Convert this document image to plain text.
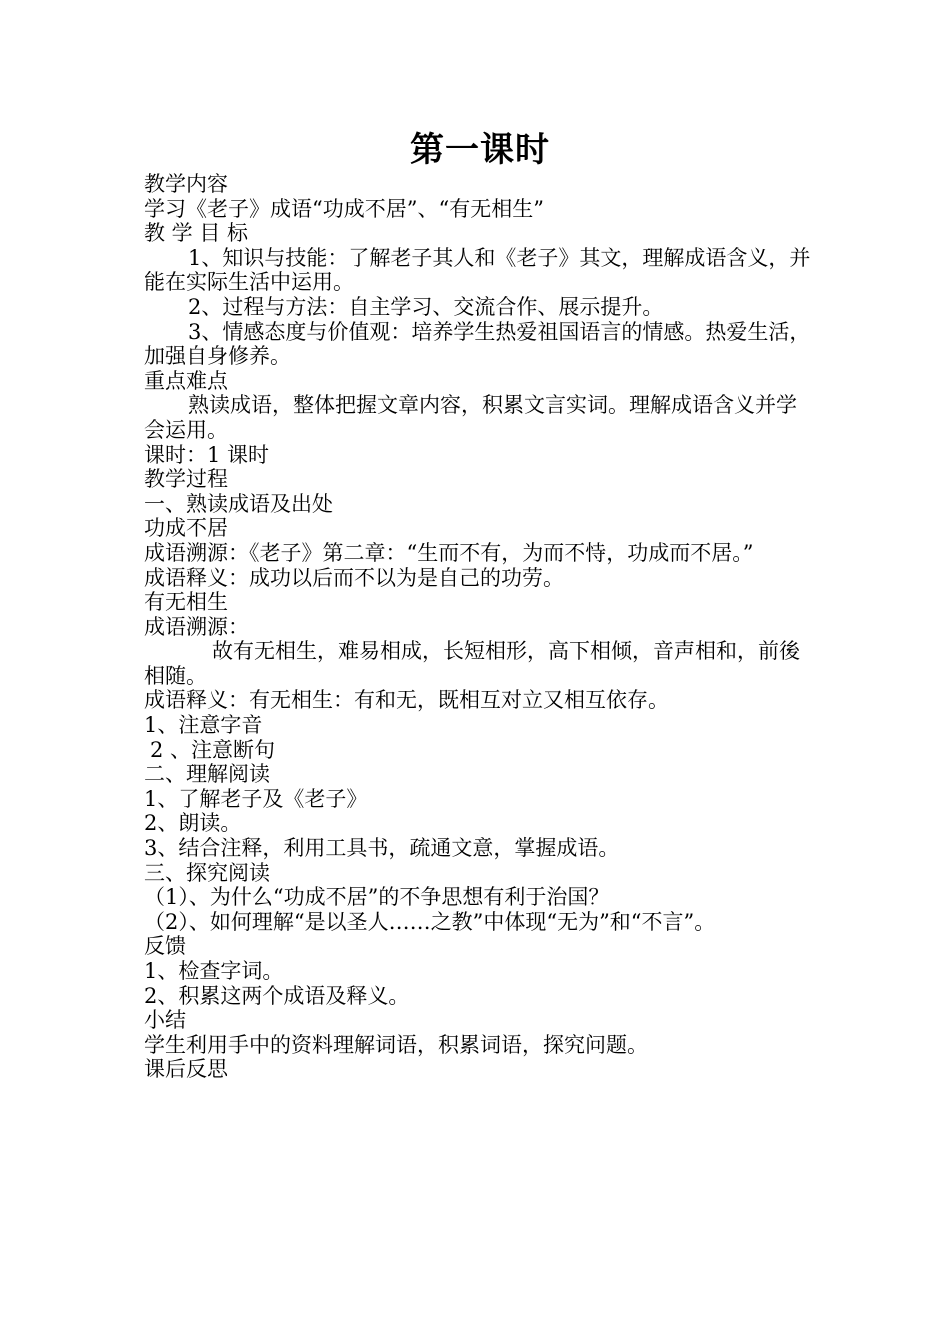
第一课时

教学内容

学习《老子》成语“功成不居”、“有无相生”

教 学 目 标

1、知识与技能：了解老子其人和《老子》其文，理解成语含义，并能在实际生活中运用。

2、过程与方法：自主学习、交流合作、展示提升。

3、情感态度与价值观：培养学生热爱祖国语言的情感。热爱生活，加强自身修养。

重点难点

熟读成语，整体把握文章内容，积累文言实词。理解成语含义并学会运用。

课时：1 课时

教学过程

一、熟读成语及出处

功成不居

成语溯源：《老子》第二章：“生而不有，为而不恃，功成而不居。”

成语释义：成功以后而不以为是自己的功劳。

有无相生

成语溯源：

故有无相生，难易相成，长短相形，高下相倾，音声相和，前後相随。

成语释义：有无相生：有和无，既相互对立又相互依存。

1、注意字音

2 、注意断句

二、理解阅读

1、了解老子及《老子》

2、朗读。

3、结合注释，利用工具书，疏通文意，掌握成语。

三、探究阅读

（1）、为什么“功成不居”的不争思想有利于治国？

（2）、如何理解“是以圣人……之教”中体现“无为”和“不言”。

反馈

1、检查字词。

2、积累这两个成语及释义。

小结

学生利用手中的资料理解词语，积累词语，探究问题。

课后反思
